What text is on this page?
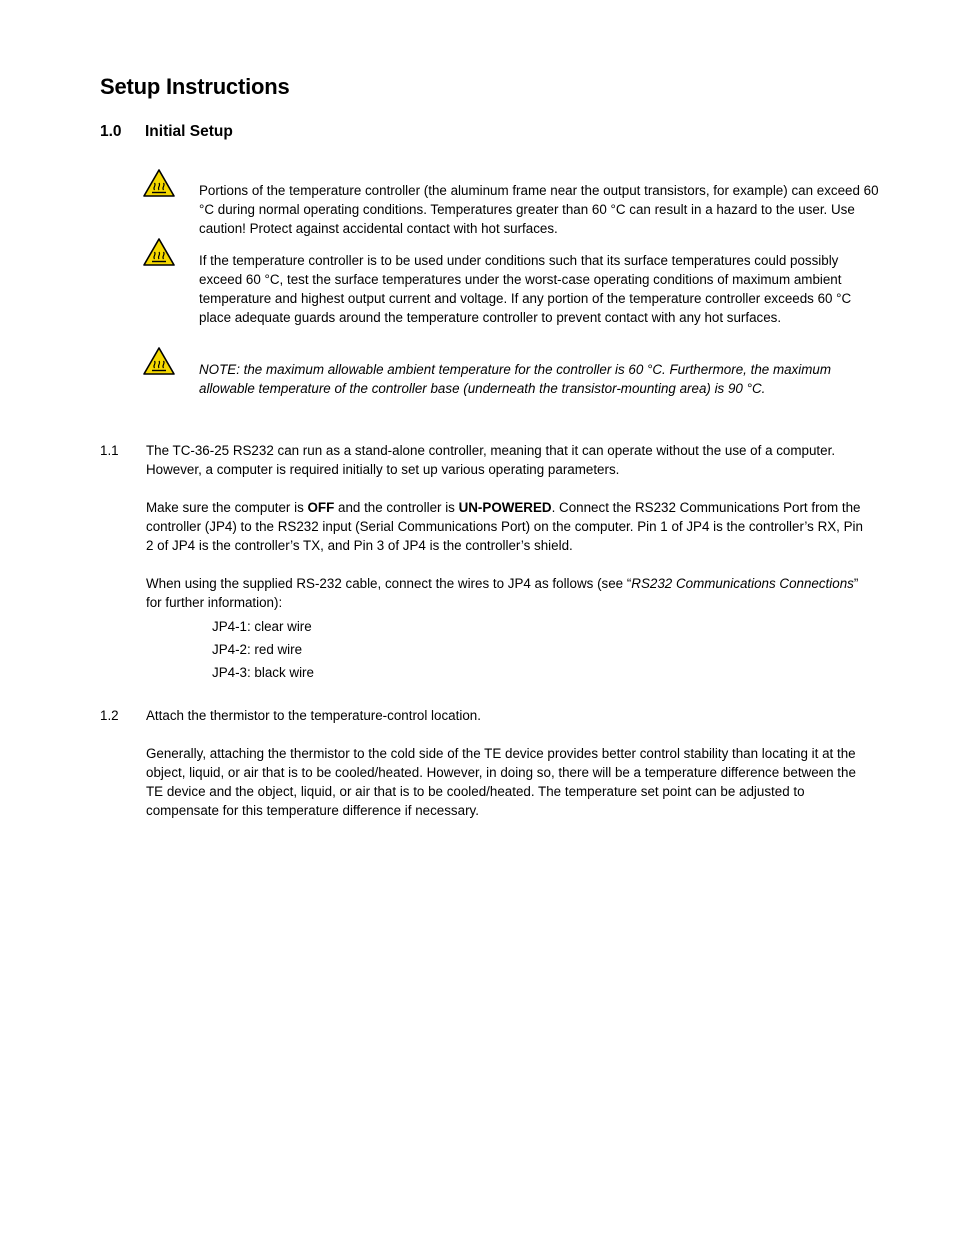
Setup Instructions
1.0 Initial Setup
Portions of the temperature controller (the aluminum frame near the output transistors, for example) can exceed 60 °C during normal operating conditions. Temperatures greater than 60 °C can result in a hazard to the user. Use caution! Protect against accidental contact with hot surfaces.
If the temperature controller is to be used under conditions such that its surface temperatures could possibly exceed 60 °C, test the surface temperatures under the worst-case operating conditions of maximum ambient temperature and highest output current and voltage. If any portion of the temperature controller exceeds 60 °C place adequate guards around the temperature controller to prevent contact with any hot surfaces.
NOTE: the maximum allowable ambient temperature for the controller is 60 °C. Furthermore, the maximum allowable temperature of the controller base (underneath the transistor-mounting area) is 90 °C.
1.1 The TC-36-25 RS232 can run as a stand-alone controller, meaning that it can operate without the use of a computer. However, a computer is required initially to set up various operating parameters.
Make sure the computer is OFF and the controller is UN-POWERED. Connect the RS232 Communications Port from the controller (JP4) to the RS232 input (Serial Communications Port) on the computer. Pin 1 of JP4 is the controller’s RX, Pin 2 of JP4 is the controller’s TX, and Pin 3 of JP4 is the controller’s shield.
When using the supplied RS-232 cable, connect the wires to JP4 as follows (see “RS232 Communications Connections” for further information):
JP4-1: clear wire
JP4-2: red wire
JP4-3: black wire
1.2 Attach the thermistor to the temperature-control location.
Generally, attaching the thermistor to the cold side of the TE device provides better control stability than locating it at the object, liquid, or air that is to be cooled/heated. However, in doing so, there will be a temperature difference between the TE device and the object, liquid, or air that is to be cooled/heated. The temperature set point can be adjusted to compensate for this temperature difference if necessary.
